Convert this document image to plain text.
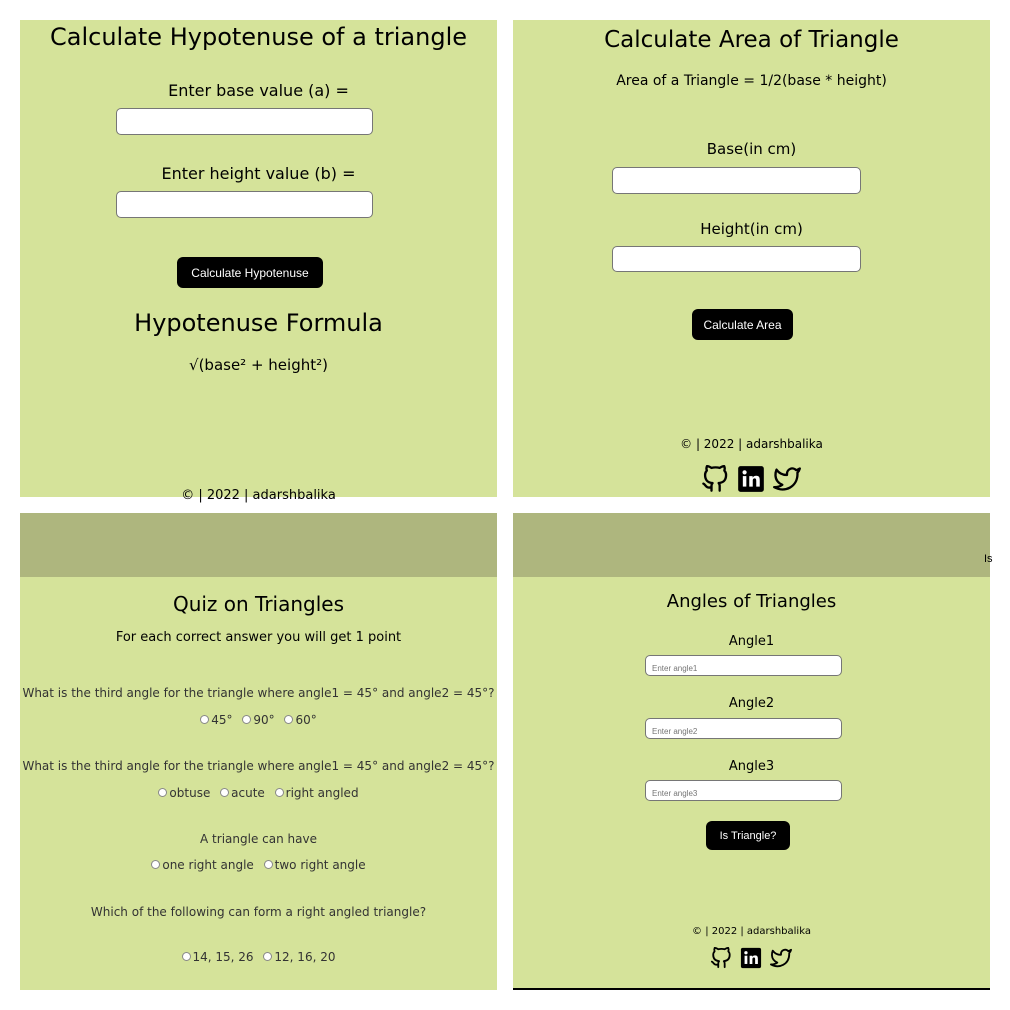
Calculate Hypotenuse of a triangle
Enter base value (a) =
Enter height value (b) =
Calculate Hypotenuse
Hypotenuse Formula
√(base² + height²)
© | 2022 | adarshbalika
Calculate Area of Triangle
Area of a Triangle = 1/2(base * height)
Base(in cm)
Height(in cm)
Calculate Area
© | 2022 | adarshbalika

Quiz on Triangles
For each correct answer you will get 1 point
What is the third angle for the triangle where angle1 = 45° and angle2 = 45°?
45° 90° 60°
What is the third angle for the triangle where angle1 = 45° and angle2 = 45°?
obtuse acute right angled
A triangle can have
one right angle two right angle
Which of the following can form a right angled triangle?
14, 15, 26 12, 16, 20
Is
Angles of Triangles
Angle1
Enter angle1
Angle2
Enter angle2
Angle3
Enter angle3
Is Triangle?
© | 2022 | adarshbalika
